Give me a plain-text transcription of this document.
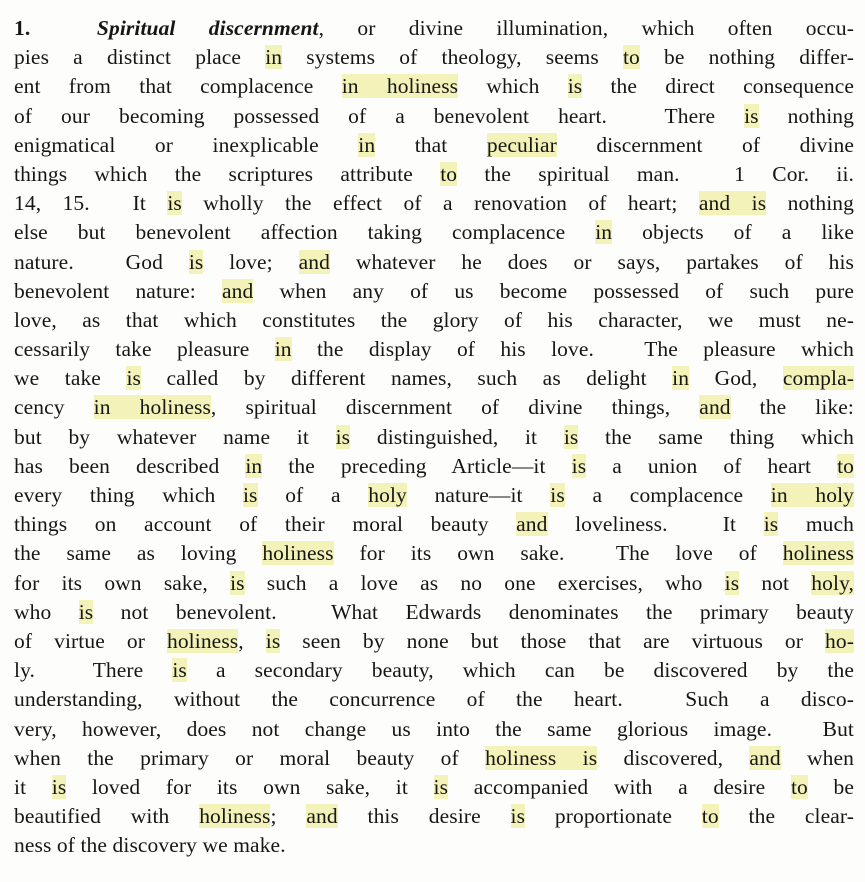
1.  Spiritual discernment, or divine illumination, which often occu-
pies a distinct place in systems of theology, seems to be nothing differ-
ent from that complacence in holiness which is the direct consequence
of our becoming possessed of a benevolent heart.  There is nothing
enigmatical or inexplicable in that peculiar discernment of divine
things which the scriptures attribute to the spiritual man.  1 Cor. ii.
14, 15.  It is wholly the effect of a renovation of heart; and is nothing
else but benevolent affection taking complacence in objects of a like
nature.  God is love; and whatever he does or says, partakes of his
benevolent nature: and when any of us become possessed of such pure
love, as that which constitutes the glory of his character, we must ne-
cessarily take pleasure in the display of his love.  The pleasure which
we take is called by different names, such as delight in God, compla-
cency in holiness, spiritual discernment of divine things, and the like:
but by whatever name it is distinguished, it is the same thing which
has been described in the preceding Article—it is a union of heart to
every thing which is of a holy nature—it is a complacence in holy
things on account of their moral beauty and loveliness.  It is much
the same as loving holiness for its own sake.  The love of holiness
for its own sake, is such a love as no one exercises, who is not holy,
who is not benevolent.  What Edwards denominates the primary beauty
of virtue or holiness, is seen by none but those that are virtuous or ho-
ly.  There is a secondary beauty, which can be discovered by the
understanding, without the concurrence of the heart.  Such a disco-
very, however, does not change us into the same glorious image.  But
when the primary or moral beauty of holiness is discovered, and when
it is loved for its own sake, it is accompanied with a desire to be
beautified with holiness; and this desire is proportionate to the clear-
ness of the discovery we make.
